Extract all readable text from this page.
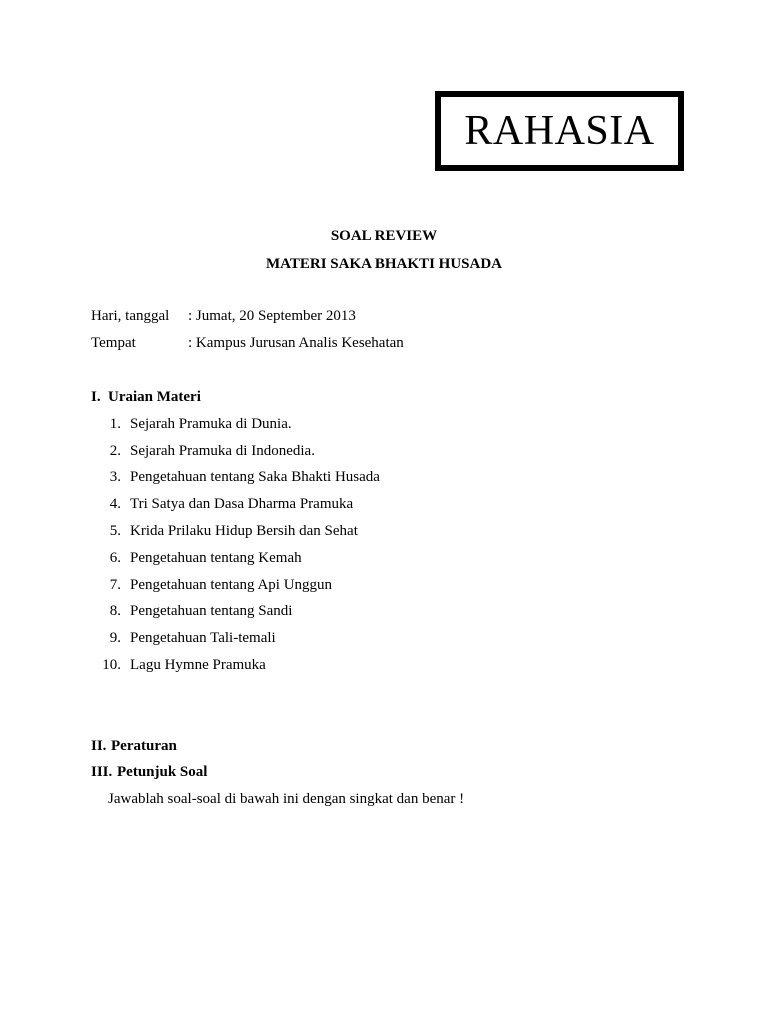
RAHASIA
SOAL REVIEW
MATERI SAKA BHAKTI HUSADA
Hari, tanggal : Jumat, 20 September 2013
Tempat	: Kampus Jurusan Analis Kesehatan
I. Uraian Materi
1. Sejarah Pramuka di Dunia.
2. Sejarah Pramuka di Indonedia.
3. Pengetahuan tentang Saka Bhakti Husada
4. Tri Satya dan Dasa Dharma Pramuka
5. Krida Prilaku Hidup Bersih dan Sehat
6. Pengetahuan tentang Kemah
7. Pengetahuan tentang Api Unggun
8. Pengetahuan tentang Sandi
9. Pengetahuan Tali-temali
10. Lagu Hymne Pramuka
II. Peraturan
III. Petunjuk Soal
Jawablah soal-soal di bawah ini dengan singkat dan benar !
